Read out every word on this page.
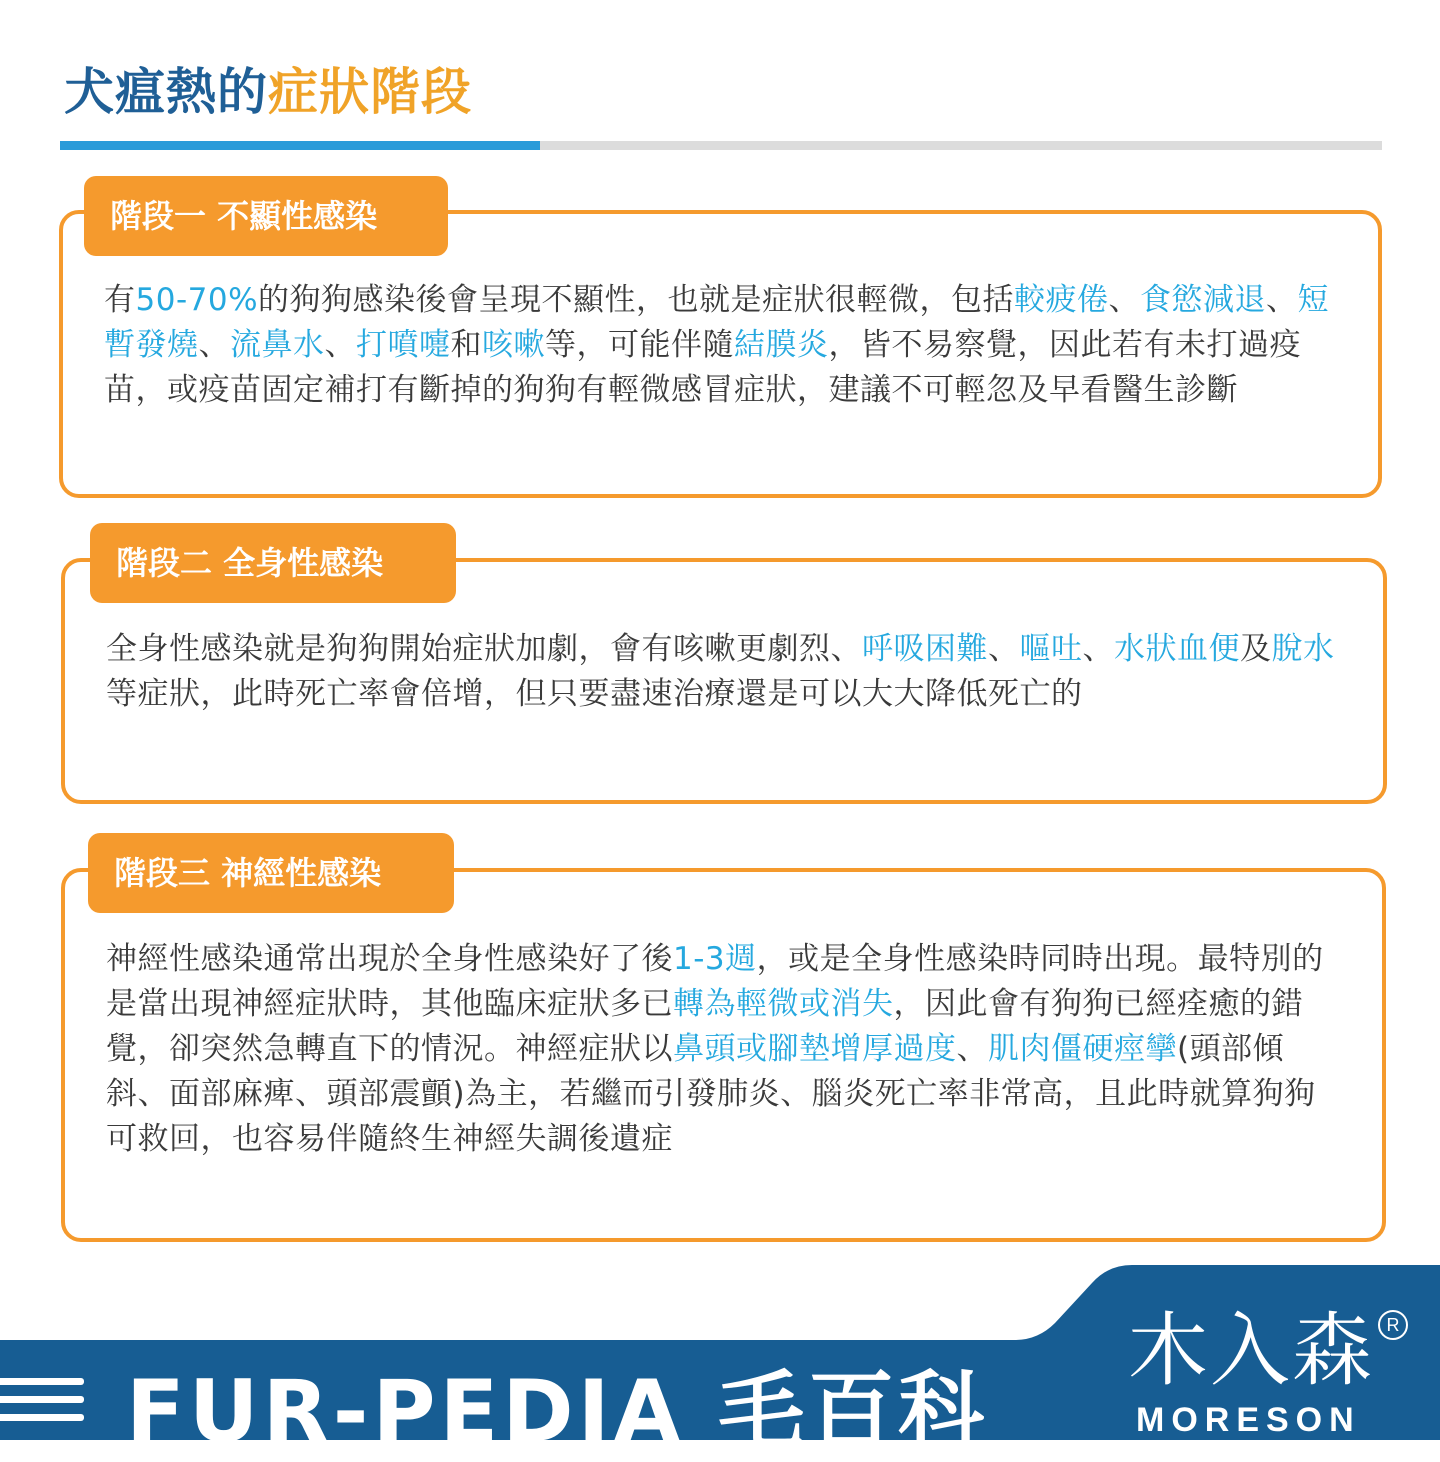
犬瘟熱的症狀階段
階段一 不顯性感染
有50-70%的狗狗感染後會呈現不顯性，也就是症狀很輕微，包括較疲倦、食慾減退、短暫發燒、流鼻水、打噴嚏和咳嗽等，可能伴隨結膜炎，皆不易察覺，因此若有未打過疫苗，或疫苗固定補打有斷掉的狗狗有輕微感冒症狀，建議不可輕忽及早看醫生診斷
階段二 全身性感染
全身性感染就是狗狗開始症狀加劇，會有咳嗽更劇烈、呼吸困難、嘔吐、水狀血便及脫水等症狀，此時死亡率會倍增，但只要盡速治療還是可以大大降低死亡的
階段三 神經性感染
神經性感染通常出現於全身性感染好了後1-3週，或是全身性感染時同時出現。最特別的是當出現神經症狀時，其他臨床症狀多已轉為輕微或消失，因此會有狗狗已經痊癒的錯覺，卻突然急轉直下的情況。神經症狀以鼻頭或腳墊增厚過度、肌肉僵硬痙攣(頭部傾斜、面部麻痺、頭部震顫)為主，若繼而引發肺炎、腦炎死亡率非常高，且此時就算狗狗可救回，也容易伴隨終生神經失調後遺症
FUR-PEDIA 毛百科
木入森
MORESON
R
